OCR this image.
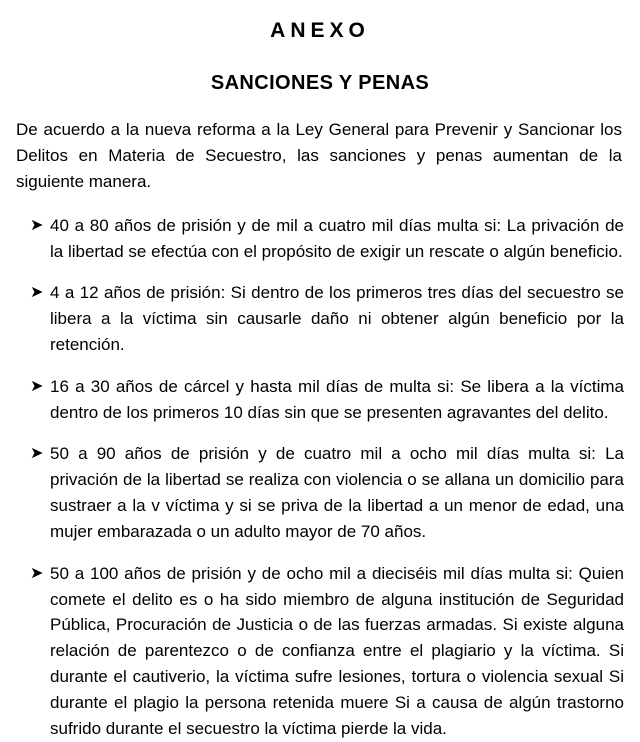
ANEXO
SANCIONES Y PENAS

De acuerdo a la nueva reforma a la Ley General para Prevenir y Sancionar los Delitos en Materia de Secuestro, las sanciones y penas aumentan de la siguiente manera.

➤ 40 a 80 años de prisión y de mil a cuatro mil días multa si: La privación de la libertad se efectúa con el propósito de exigir un rescate o algún beneficio.
➤ 4 a 12 años de prisión: Si dentro de los primeros tres días del secuestro se libera a la víctima sin causarle daño ni obtener algún beneficio por la retención.
➤ 16 a 30 años de cárcel y hasta mil días de multa si: Se libera a la víctima dentro de los primeros 10 días sin que se presenten agravantes del delito.
➤ 50 a 90 años de prisión y de cuatro mil a ocho mil días multa si: La privación de la libertad se realiza con violencia o se allana un domicilio para sustraer a la v víctima y si se priva de la libertad a un menor de edad, una mujer embarazada o un adulto mayor de 70 años.
➤ 50 a 100 años de prisión y de ocho mil a dieciséis mil días multa si: Quien comete el delito es o ha sido miembro de alguna institución de Seguridad Pública, Procuración de Justicia o de las fuerzas armadas. Si existe alguna relación de parentezco o de confianza entre el plagiario y la víctima. Si durante el cautiverio, la víctima sufre lesiones, tortura o violencia sexual Si durante el plagio la persona retenida muere Si a causa de algún trastorno sufrido durante el secuestro la víctima pierde la vida.
